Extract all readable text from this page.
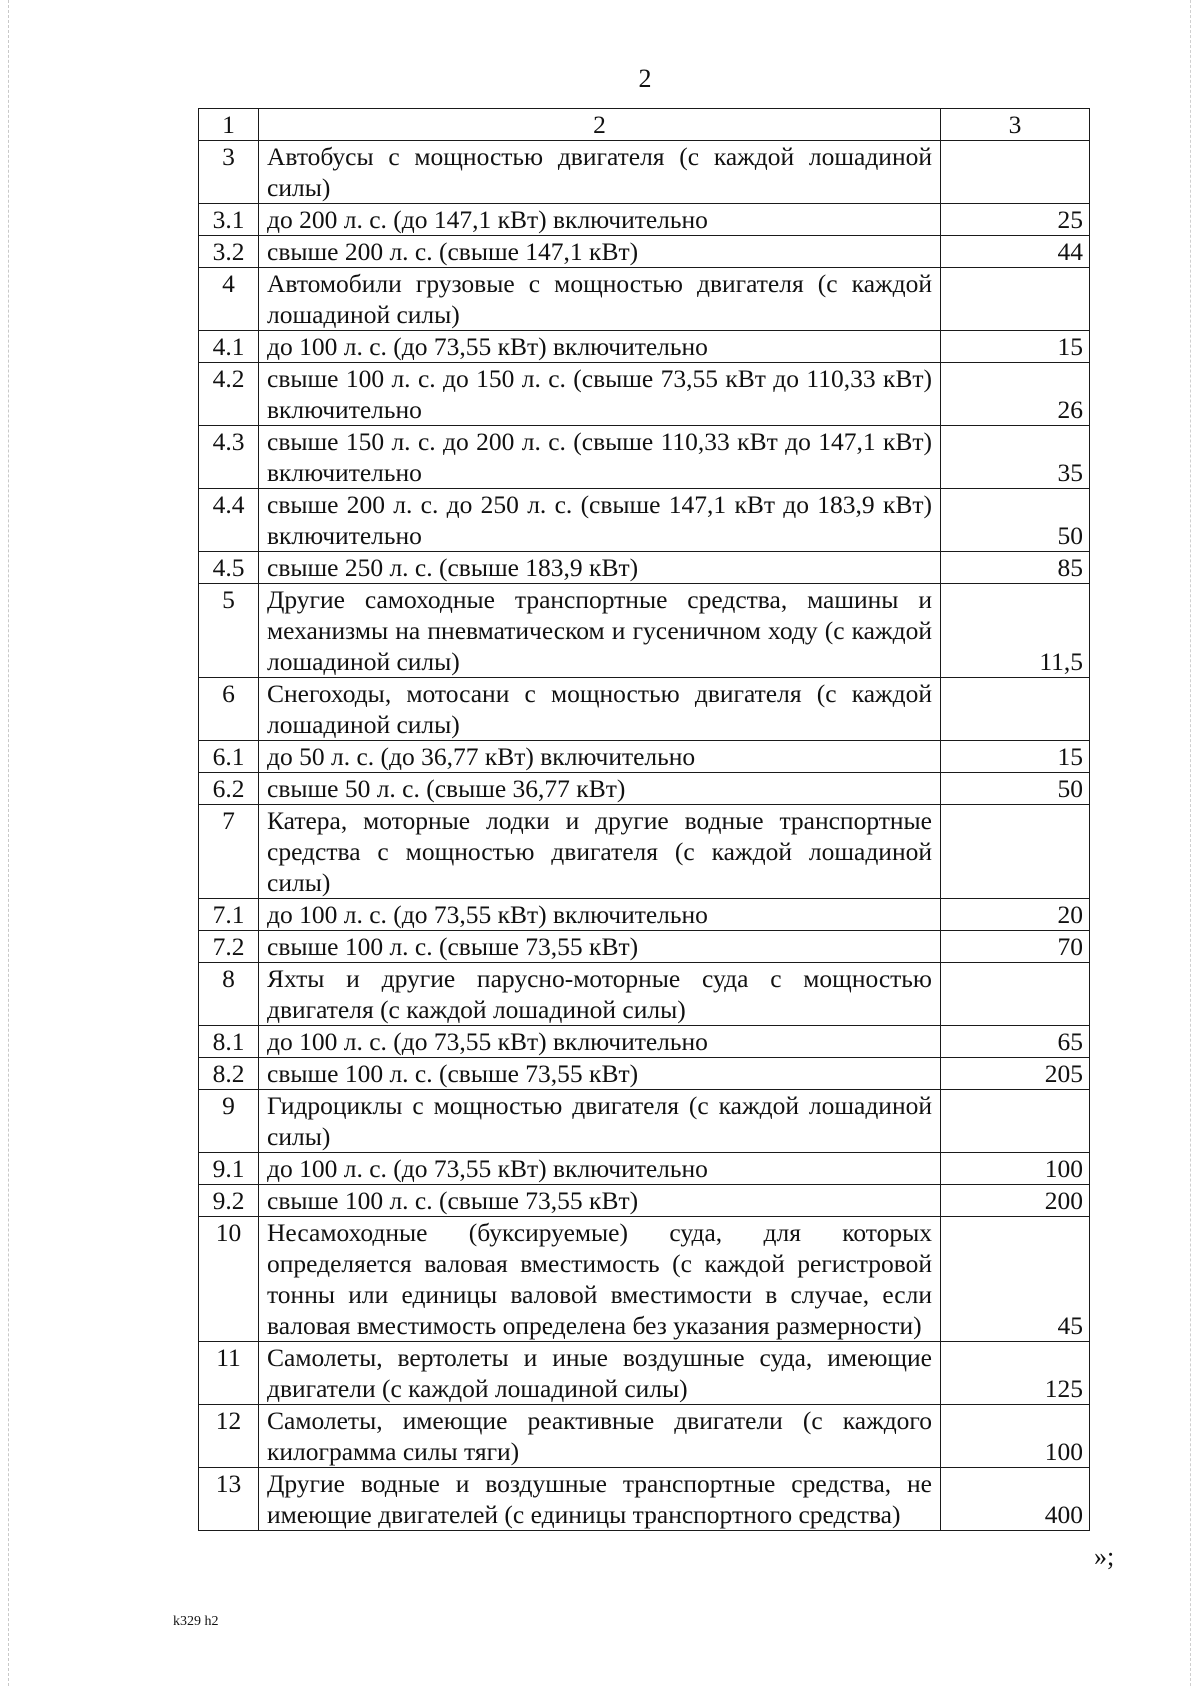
2
1	2	3
3	Автобусы с мощностью двигателя (с каждой лошадиной силы)	
3.1	до 200 л. с. (до 147,1 кВт) включительно	25
3.2	свыше 200 л. с. (свыше 147,1 кВт)	44
4	Автомобили грузовые с мощностью двигателя (с каждой лошадиной силы)	
4.1	до 100 л. с. (до 73,55 кВт) включительно	15
4.2	свыше 100 л. с. до 150 л. с. (свыше 73,55 кВт до 110,33 кВт) включительно	26
4.3	свыше 150 л. с. до 200 л. с. (свыше 110,33 кВт до 147,1 кВт) включительно	35
4.4	свыше 200 л. с. до 250 л. с. (свыше 147,1 кВт до 183,9 кВт) включительно	50
4.5	свыше 250 л. с. (свыше 183,9 кВт)	85
5	Другие самоходные транспортные средства, машины и механизмы на пневматическом и гусеничном ходу (с каждой лошадиной силы)	11,5
6	Снегоходы, мотосани с мощностью двигателя (с каждой лошадиной силы)	
6.1	до 50 л. с. (до 36,77 кВт) включительно	15
6.2	свыше 50 л. с. (свыше 36,77 кВт)	50
7	Катера, моторные лодки и другие водные транспортные средства с мощностью двигателя (с каждой лошадиной силы)	
7.1	до 100 л. с. (до 73,55 кВт) включительно	20
7.2	свыше 100 л. с. (свыше 73,55 кВт)	70
8	Яхты и другие парусно-моторные суда с мощностью двигателя (с каждой лошадиной силы)	
8.1	до 100 л. с. (до 73,55 кВт) включительно	65
8.2	свыше 100 л. с. (свыше 73,55 кВт)	205
9	Гидроциклы с мощностью двигателя (с каждой лошадиной силы)	
9.1	до 100 л. с. (до 73,55 кВт) включительно	100
9.2	свыше 100 л. с. (свыше 73,55 кВт)	200
10	Несамоходные (буксируемые) суда, для которых определяется валовая вместимость (с каждой регистровой тонны или единицы валовой вместимости в случае, если валовая вместимость определена без указания размерности)	45
11	Самолеты, вертолеты и иные воздушные суда, имеющие двигатели (с каждой лошадиной силы)	125
12	Самолеты, имеющие реактивные двигатели (с каждого килограмма силы тяги)	100
13	Другие водные и воздушные транспортные средства, не имеющие двигателей (с единицы транспортного средства)	400
»;
k329 h2
